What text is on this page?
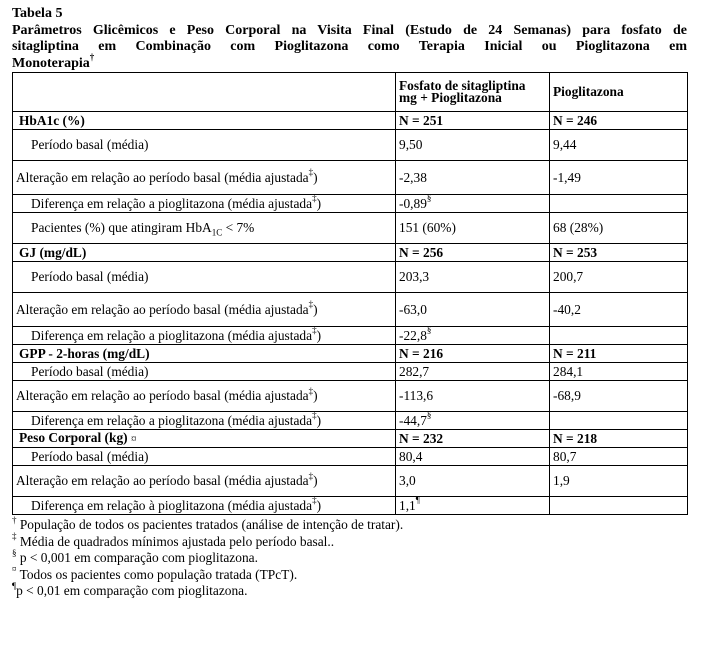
Tabela 5
Parâmetros Glicêmicos e Peso Corporal na Visita Final (Estudo de 24 Semanas) para fosfato de
sitagliptina em Combinação com Pioglitazona como Terapia Inicial ou Pioglitazona em
Monoterapia†
	Fosfato de sitagliptina mg + Pioglitazona	Pioglitazona
HbA1c (%)	N = 251	N = 246
Período basal (média)	9,50	9,44
Alteração em relação ao período basal (média ajustada‡)	-2,38	-1,49
Diferença em relação a pioglitazona (média ajustada‡)	-0,89§	
Pacientes (%) que atingiram HbA$_{1C}$ < 7%	151 (60%)	68 (28%)
GJ (mg/dL)	N = 256	N = 253
Período basal (média)	203,3	200,7
Alteração em relação ao período basal (média ajustada‡)	-63,0	-40,2
Diferença em relação a pioglitazona (média ajustada‡)	-22,8§	
GPP - 2-horas (mg/dL)	N = 216	N = 211
Período basal (média)	282,7	284,1
Alteração em relação ao período basal (média ajustada‡)	-113,6	-68,9
Diferença em relação a pioglitazona (média ajustada‡)	-44,7§	
Peso Corporal (kg) ¤	N = 232	N = 218
Período basal (média)	80,4	80,7
Alteração em relação ao período basal (média ajustada‡)	3,0	1,9
Diferença em relação à pioglitazona (média ajustada‡)	1,1¶	
† População de todos os pacientes tratados (análise de intenção de tratar).
‡ Média de quadrados mínimos ajustada pelo período basal..
§ p < 0,001 em comparação com pioglitazona.
¤ Todos os pacientes como população tratada (TPcT).
¶p < 0,01 em comparação com pioglitazona.
